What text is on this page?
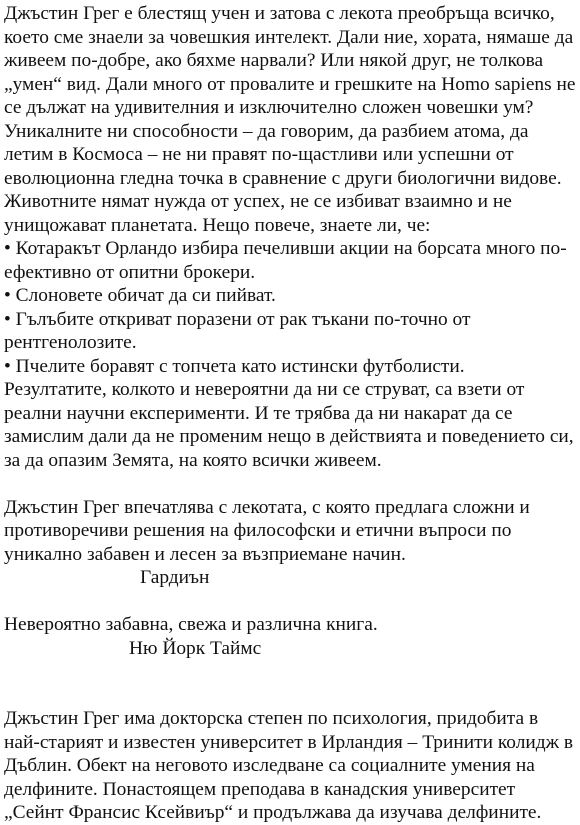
Джъстин Грег е блестящ учен и затова с лекота преобръща всичко, което сме знаели за човешкия интелект. Дали ние, хората, нямаше да живеем по-добре, ако бяхме нарвали? Или някой друг, не толкова „умен“ вид. Дали много от провалите и грешките на Homo sapiens не се дължат на удивителния и изключително сложен човешки ум? Уникалните ни способности – да говорим, да разбием атома, да летим в Космоса – не ни правят по-щастливи или успешни от еволюционна гледна точка в сравнение с други биологични видове. Животните нямат нужда от успех, не се избиват взаимно и не унищожават планетата. Нещо повече, знаете ли, че:

• Котаракът Орландо избира печеливши акции на борсата много по-ефективно от опитни брокери.

• Слоновете обичат да си пийват.

• Гълъбите откриват поразени от рак тъкани по-точно от рентгенолозите.

• Пчелите боравят с топчета като истински футболисти.

Резултатите, колкото и невероятни да ни се струват, са взети от реални научни експерименти. И те трябва да ни накарат да се замислим дали да не променим нещо в действията и поведението си, за да опазим Земята, на която всички живеем.

Джъстин Грег впечатлява с лекотата, с която предлага сложни и противоречиви решения на философски и етични въпроси по уникално забавен и лесен за възприемане начин.

Гардиън

Невероятно забавна, свежа и различна книга.

Ню Йорк Таймс

Джъстин Грег има докторска степен по психология, придобита в най-старият и известен университет в Ирландия – Тринити колидж в Дъблин. Обект на неговото изследване са социалните умения на делфините. Понастоящем преподава в канадския университет „Сейнт Франсис Ксейвиър“ и продължава да изучава делфините.
